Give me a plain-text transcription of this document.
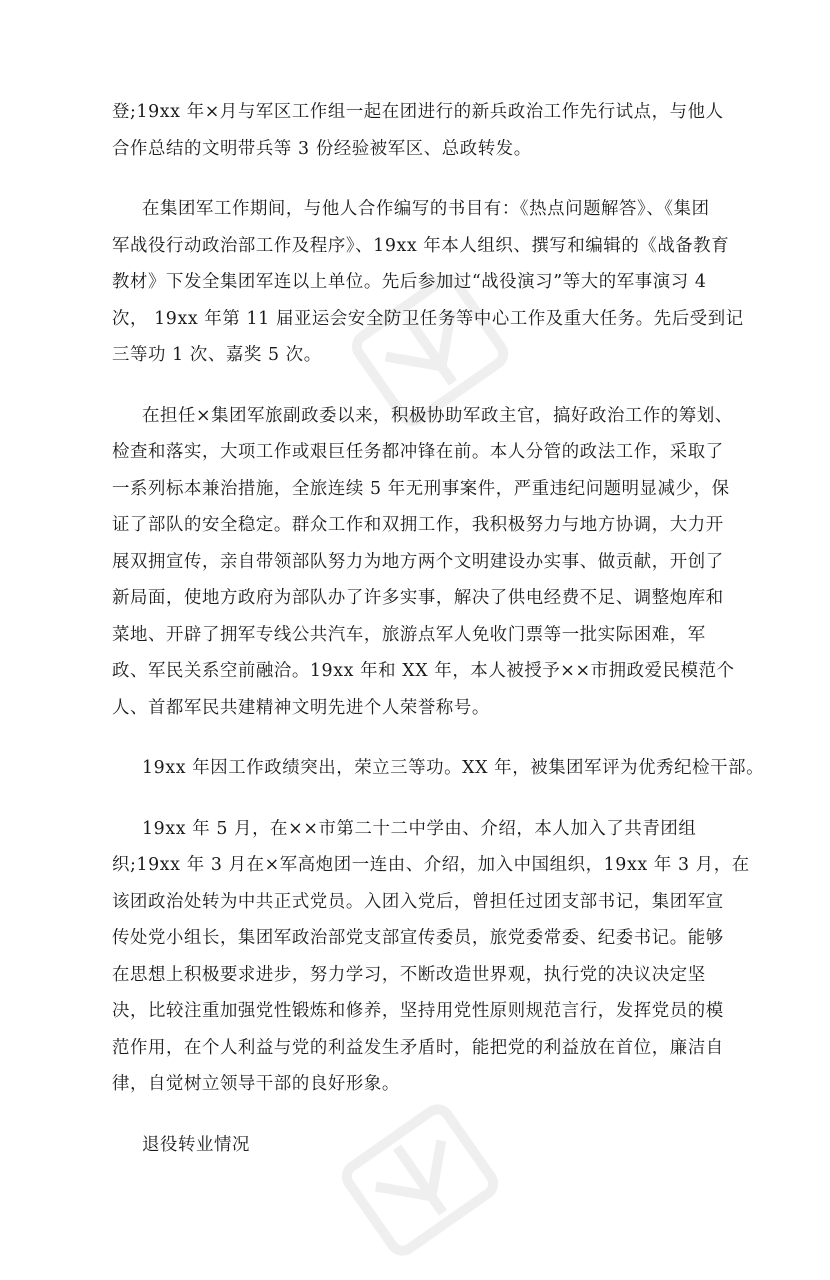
登;19xx 年×月与军区工作组一起在团进行的新兵政治工作先行试点，与他人
合作总结的文明带兵等 3 份经验被军区、总政转发。

在集团军工作期间，与他人合作编写的书目有：《热点问题解答》、《集团
军战役行动政治部工作及程序》、19xx 年本人组织、撰写和编辑的《战备教育
教材》下发全集团军连以上单位。先后参加过“战役演习”等大的军事演习 4
次， 19xx 年第 11 届亚运会安全防卫任务等中心工作及重大任务。先后受到记
三等功 1 次、嘉奖 5 次。

在担任×集团军旅副政委以来，积极协助军政主官，搞好政治工作的筹划、
检查和落实，大项工作或艰巨任务都冲锋在前。本人分管的政法工作，采取了
一系列标本兼治措施，全旅连续 5 年无刑事案件，严重违纪问题明显减少，保
证了部队的安全稳定。群众工作和双拥工作，我积极努力与地方协调，大力开
展双拥宣传，亲自带领部队努力为地方两个文明建设办实事、做贡献，开创了
新局面，使地方政府为部队办了许多实事，解决了供电经费不足、调整炮库和
菜地、开辟了拥军专线公共汽车，旅游点军人免收门票等一批实际困难，军
政、军民关系空前融洽。19xx 年和 XX 年，本人被授予××市拥政爱民模范个
人、首都军民共建精神文明先进个人荣誉称号。

19xx 年因工作政绩突出，荣立三等功。XX 年，被集团军评为优秀纪检干部。

19xx 年 5 月，在××市第二十二中学由、介绍，本人加入了共青团组
织;19xx 年 3 月在×军高炮团一连由、介绍，加入中国组织，19xx 年 3 月，在
该团政治处转为中共正式党员。入团入党后，曾担任过团支部书记，集团军宣
传处党小组长，集团军政治部党支部宣传委员，旅党委常委、纪委书记。能够
在思想上积极要求进步，努力学习，不断改造世界观，执行党的决议决定坚
决，比较注重加强党性锻炼和修养，坚持用党性原则规范言行，发挥党员的模
范作用，在个人利益与党的利益发生矛盾时，能把党的利益放在首位，廉洁自
律，自觉树立领导干部的良好形象。

退役转业情况
